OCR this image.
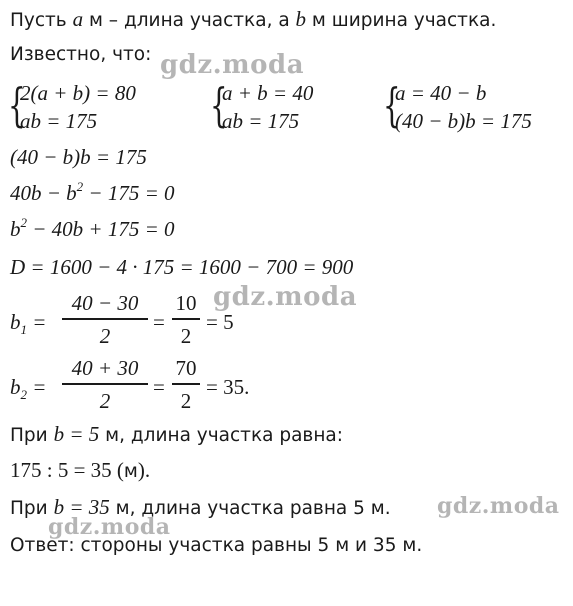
Пусть a м – длина участка, а b м ширина участка.
Известно, что:
{
2(a + b) = 80
ab = 175 {
a + b = 40
ab = 175 {
a = 40 − b
(40 − b)b = 175
(40 − b)b = 175
$40b - b^2 - 175 = 0$
$b^2 - 40b + 175 = 0$
D = 1600 − 4 · 175 = 1600 − 700 = 900
$b_1$ =
40 − 30
2
=
10
2
= 5
$b_2$ =
40 + 30
2
=
70
2
= 35.
При b = 5 м, длина участка равна:
175 : 5 = 35 (м).
При b = 35 м, длина участка равна 5 м.
Ответ: стороны участка равны 5 м и 35 м.
gdz.moda
gdz.moda
gdz.moda
gdz.moda
